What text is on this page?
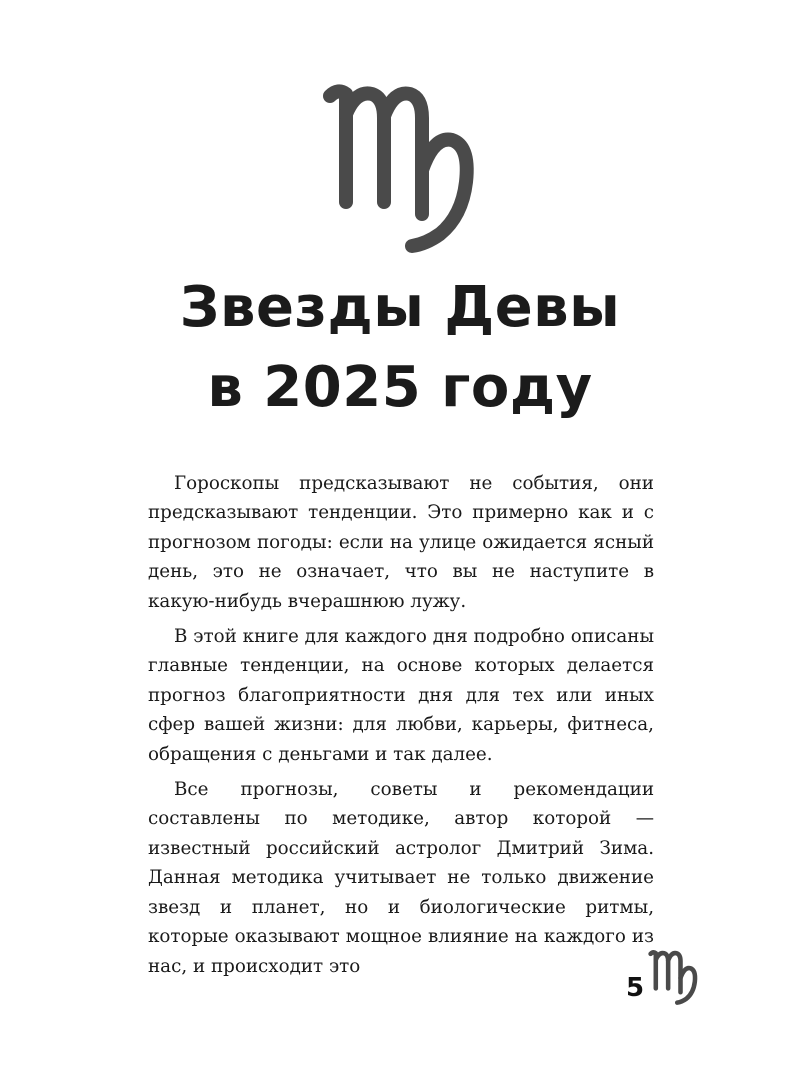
Звезды Девы
в 2025 году

Гороскопы предсказывают не события, они предсказывают тенденции. Это примерно как и с прогнозом погоды: если на улице ожидается ясный день, это не означает, что вы не наступите в какую-нибудь вчерашнюю лужу.

В этой книге для каждого дня подробно описаны главные тенденции, на основе которых делается прогноз благоприятности дня для тех или иных сфер вашей жизни: для любви, карьеры, фитнеса, обращения с деньгами и так далее.

Все прогнозы, советы и рекомендации составлены по методике, автор которой — известный российский астролог Дмитрий Зима. Данная методика учитывает не только движение звезд и планет, но и биологические ритмы, которые оказывают мощное влияние на каждого из нас, и происходит это

5
